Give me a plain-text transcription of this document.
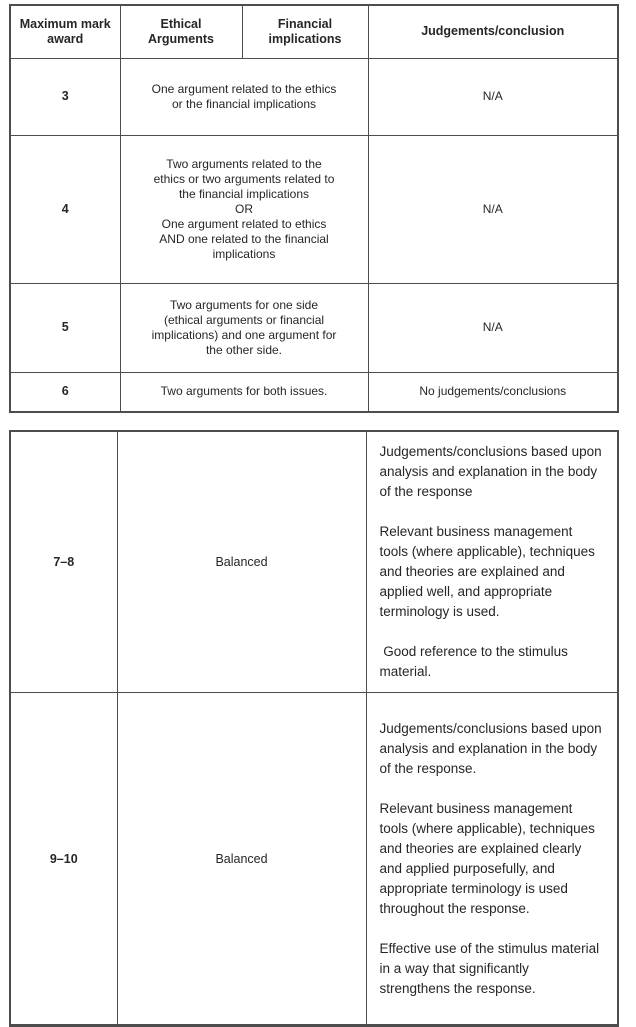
Maximum mark award	Ethical Arguments	Financial implications	Judgements/conclusion
3	One argument related to the ethics or the financial implications		N/A
4	Two arguments related to the ethics or two arguments related to the financial implications
OR
One argument related to ethics AND one related to the financial implications		N/A
5	Two arguments for one side (ethical arguments or financial implications) and one argument for the other side.		N/A
6	Two arguments for both issues.		No judgements/conclusions
7–8	Balanced	Judgements/conclusions based upon analysis and explanation in the body of the response

Relevant business management tools (where applicable), techniques and theories are explained and applied well, and appropriate terminology is used.

Good reference to the stimulus material.

9–10	Balanced	Judgements/conclusions based upon analysis and explanation in the body of the response.

Relevant business management tools (where applicable), techniques and theories are explained clearly and applied purposefully, and appropriate terminology is used throughout the response.

Effective use of the stimulus material in a way that significantly strengthens the response.
